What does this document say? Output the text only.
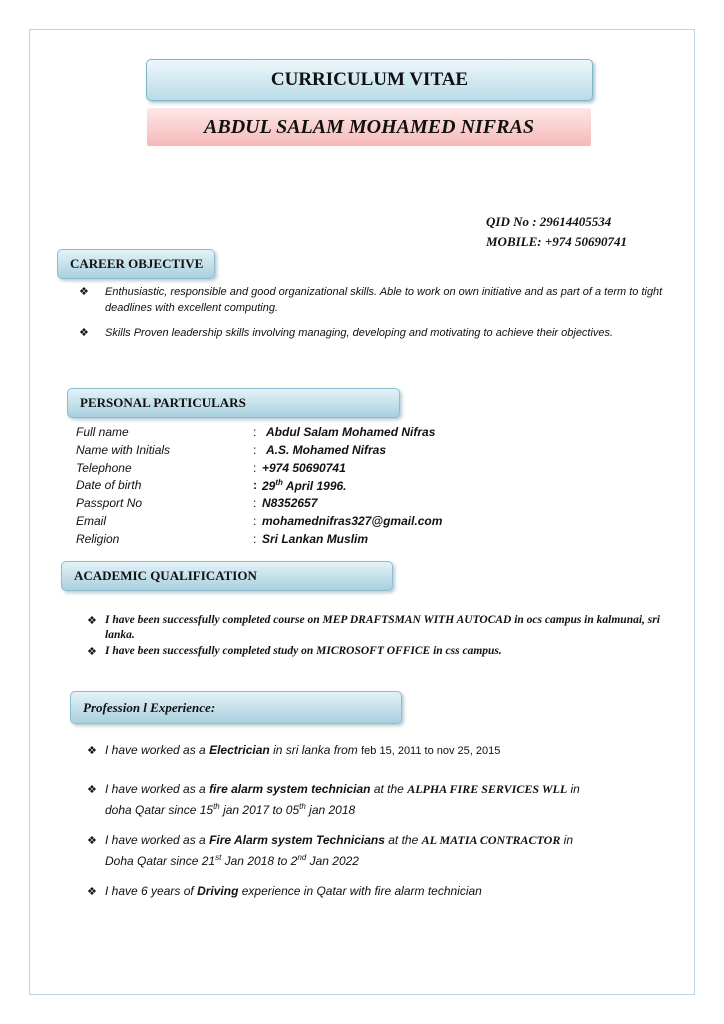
CURRICULUM VITAE
ABDUL SALAM MOHAMED NIFRAS
QID No : 29614405534
MOBILE: +974 50690741
CAREER OBJECTIVE
❖ Enthusiastic, responsible and good organizational skills. Able to work on own initiative and as part of a term to tight deadlines with excellent computing.
❖ Skills Proven leadership skills involving managing, developing and motivating to achieve their objectives.
PERSONAL PARTICULARS
Full name	: Abdul Salam Mohamed Nifras
Name with Initials	: A.S. Mohamed Nifras
Telephone	: +974 50690741
Date of birth	: 29th April 1996.
Passport No	: N8352657
Email	: mohamednifras327@gmail.com
Religion	: Sri Lankan Muslim
ACADEMIC QUALIFICATION
❖ I have been successfully completed course on MEP DRAFTSMAN WITH AUTOCAD in ocs campus in kalmunai, sri lanka.
❖ I have been successfully completed study on MICROSOFT OFFICE in css campus.
Profession l Experience:
❖ I have worked as a Electrician in sri lanka from feb 15, 2011 to nov 25, 2015
❖ I have worked as a fire alarm system technician at the ALPHA FIRE SERVICES WLL in
doha Qatar since 15th jan 2017 to 05th jan 2018
❖ I have worked as a Fire Alarm system Technicians at the AL MATIA CONTRACTOR in
Doha Qatar since 21st Jan 2018 to 2nd Jan 2022
❖ I have 6 years of Driving experience in Qatar with fire alarm technician
